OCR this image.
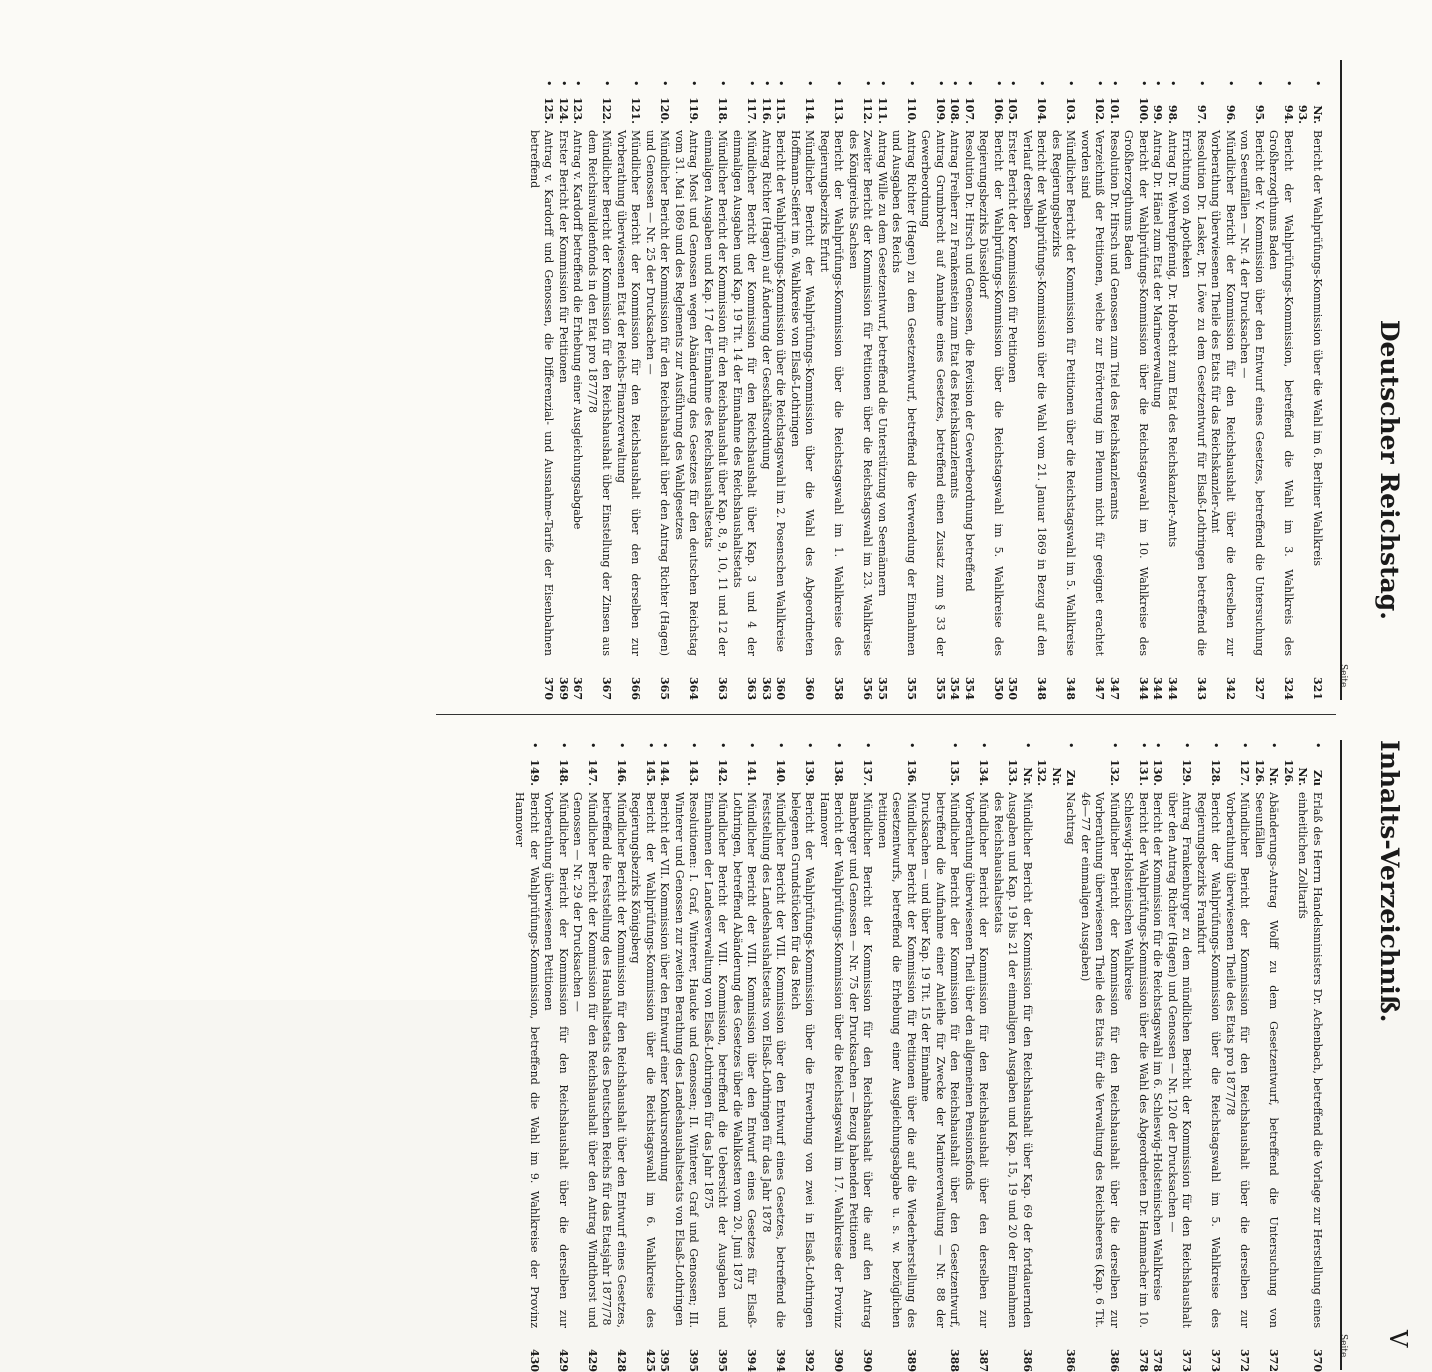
Deutscher Reichstag.
Inhalts-Verzeichniß.
V
Seite
Seite
•
Nr. 93.
Bericht der Wahlprüfungs-Kommission über die Wahl im 6. Berliner Wahlkreis
321
•
94.
Bericht der Wahlprüfungs-Kommission, betreffend die Wahl im 3. Wahlkreis des Großherzogthums Baden
324
•
95.
Bericht der V. Kommission über den Entwurf eines Gesetzes, betreffend die Untersuchung von Seeunfällen — Nr. 4 der Drucksachen —
327
•
96.
Mündlicher Bericht der Kommission für den Reichshaushalt über die derselben zur Vorberathung überwiesenen Theile des Etats für das Reichskanzler-Amt
342
•
97.
Resolution Dr. Lasker, Dr. Löwe zu dem Gesetzentwurf für Elsaß-Lothringen betreffend die Errichtung von Apotheken
343
•
98.
Antrag Dr. Wehrenpfennig, Dr. Hobrecht zum Etat des Reichskanzler-Amts
344
•
99.
Antrag Dr. Hänel zum Etat der Marineverwaltung
344
•
100.
Bericht der Wahlprüfungs-Kommission über die Reichstagswahl im 10. Wahlkreise des Großherzogthums Baden
344
•
101.
Resolution Dr. Hirsch und Genossen zum Titel des Reichskanzleramts
347
•
102.
Verzeichniß der Petitionen, welche zur Erörterung im Plenum nicht für geeignet erachtet worden sind
347
•
103.
Mündlicher Bericht der Kommission für Petitionen über die Reichstagswahl im 5. Wahlkreise des Regierungsbezirks
348
•
104.
Bericht der Wahlprüfungs-Kommission über die Wahl vom 21. Januar 1869 in Bezug auf den Verlauf derselben
348
•
105.
Erster Bericht der Kommission für Petitionen
350
•
106.
Bericht der Wahlprüfungs-Kommission über die Reichstagswahl im 5. Wahlkreise des Regierungsbezirks Düsseldorf
350
•
107.
Resolution Dr. Hirsch und Genossen, die Revision der Gewerbeordnung betreffend
354
•
108.
Antrag Freiherr zu Frankenstein zum Etat des Reichskanzleramts
354
•
109.
Antrag Grumbrecht auf Annahme eines Gesetzes, betreffend einen Zusatz zum § 33 der Gewerbeordnung
355
•
110.
Antrag Richter (Hagen) zu dem Gesetzentwurf, betreffend die Verwendung der Einnahmen und Ausgaben des Reichs
355
•
111.
Antrag Wille zu dem Gesetzentwurf, betreffend die Unterstützung von Seemännern
355
•
112.
Zweiter Bericht der Kommission für Petitionen über die Reichstagswahl im 23. Wahlkreise des Königreichs Sachsen
356
•
113.
Bericht der Wahlprüfungs-Kommission über die Reichstagswahl im 1. Wahlkreise des Regierungsbezirks Erfurt
358
•
114.
Mündlicher Bericht der Wahlprüfungs-Kommission über die Wahl des Abgeordneten Hoffmann-Seifert im 6. Wahlkreise von Elsaß-Lothringen
360
•
115.
Bericht der Wahlprüfungs-Kommission über die Reichstagswahl im 2. Posenschen Wahlkreise
360
•
116.
Antrag Richter (Hagen) auf Änderung der Geschäftsordnung
363
•
117.
Mündlicher Bericht der Kommission für den Reichshaushalt über Kap. 3 und 4 der einmaligen Ausgaben und Kap. 19 Tit. 14 der Einnahme des Reichshaushaltsetats
363
•
118.
Mündlicher Bericht der Kommission für den Reichshaushalt über Kap. 8, 9, 10, 11 und 12 der einmaligen Ausgaben und Kap. 17 der Einnahme des Reichshaushaltsetats
363
•
119.
Antrag Most und Genossen wegen Abänderung des Gesetzes für den deutschen Reichstag vom 31. Mai 1869 und des Reglements zur Ausführung des Wahlgesetzes
364
•
120.
Mündlicher Bericht der Kommission für den Reichshaushalt über den Antrag Richter (Hagen) und Genossen — Nr. 25 der Drucksachen —
365
•
121.
Mündlicher Bericht der Kommission für den Reichshaushalt über den derselben zur Vorberathung überwiesenen Etat der Reichs-Finanzverwaltung
366
•
122.
Mündlicher Bericht der Kommission für den Reichshaushalt über Einstellung der Zinsen aus dem Reichsinvalidenfonds in den Etat pro 1877/78
367
•
123.
Antrag v. Kardorff betreffend die Erhebung einer Ausgleichungsabgabe
367
•
124.
Erster Bericht der Kommission für Petitionen
369
•
125.
Antrag v. Kardorff und Genossen, die Differenzial- und Ausnahme-Tarife der Eisenbahnen betreffend
370
•
Zu Nr. 126.
Erlaß des Herrn Handelsministers Dr. Achenbach, betreffend die Vorlage zur Herstellung eines einheitlichen Zolltarifs
370
•
Nr. 126.
Abänderungs-Antrag Wolff zu dem Gesetzentwurf, betreffend die Untersuchung von Seeunfällen
372
•
127.
Mündlicher Bericht der Kommission für den Reichshaushalt über die derselben zur Vorberathung überwiesenen Theile des Etats pro 1877/78
372
•
128.
Bericht der Wahlprüfungs-Kommission über die Reichstagswahl im 5. Wahlkreise des Regierungsbezirks Frankfurt
373
•
129.
Antrag Frankenburger zu dem mündlichen Bericht der Kommission für den Reichshaushalt über den Antrag Richter (Hagen) und Genossen — Nr. 120 der Drucksachen —
373
•
130.
Bericht der Kommission für die Reichstagswahl im 6. Schleswig-Holsteinischen Wahlkreise
378
•
131.
Bericht der Wahlprüfungs-Kommission über die Wahl des Abgeordneten Dr. Hammacher im 10. Schleswig-Holsteinischen Wahlkreise
378
•
132.
Mündlicher Bericht der Kommission für den Reichshaushalt über die derselben zur Vorberathung überwiesenen Theile des Etats für die Verwaltung des Reichsheeres (Kap. 6 Tit. 46—77 der einmaligen Ausgaben)
386
•
Zu Nr. 132.
Nachtrag
386
•
Nr. 133.
Mündlicher Bericht der Kommission für den Reichshaushalt über Kap. 69 der fortdauernden Ausgaben und Kap. 19 bis 21 der einmaligen Ausgaben und Kap. 15, 19 und 20 der Einnahmen des Reichshaushaltsetats
386
•
134.
Mündlicher Bericht der Kommission für den Reichshaushalt über den derselben zur Vorberathung überwiesenen Theil über den allgemeinen Pensionsfonds
387
•
135.
Mündlicher Bericht der Kommission für den Reichshaushalt über den Gesetzentwurf, betreffend die Aufnahme einer Anleihe für Zwecke der Marineverwaltung — Nr. 88 der Drucksachen — und über Kap. 19 Tit. 15 der Einnahme
388
•
136.
Mündlicher Bericht der Kommission für Petitionen über die auf die Wiederherstellung des Gesetzentwurfs, betreffend die Erhebung einer Ausgleichungsabgabe u. s. w. bezüglichen Petitionen
389
•
137.
Mündlicher Bericht der Kommission für den Reichshaushalt über die auf den Antrag Bamberger und Genossen — Nr. 75 der Drucksachen — Bezug habenden Petitionen
390
•
138.
Bericht der Wahlprüfungs-Kommission über die Reichstagswahl im 17. Wahlkreise der Provinz Hannover
390
•
139.
Bericht der Wahlprüfungs-Kommission über die Erwerbung von zwei in Elsaß-Lothringen belegenen Grundstücken für das Reich
392
•
140.
Mündlicher Bericht der VIII. Kommission über den Entwurf eines Gesetzes, betreffend die Feststellung des Landeshaushaltsetats von Elsaß-Lothringen für das Jahr 1878
394
•
141.
Mündlicher Bericht der VIII. Kommission über den Entwurf eines Gesetzes für Elsaß-Lothringen, betreffend Abänderung des Gesetzes über die Wahlkosten vom 20. Juni 1873
394
•
142.
Mündlicher Bericht der VIII. Kommission, betreffend die Uebersicht der Ausgaben und Einnahmen der Landesverwaltung von Elsaß-Lothringen für das Jahr 1875
395
•
143.
Resolutionen: I. Graf, Winterer, Haucke und Genossen; II. Winterer, Graf und Genossen; III. Winterer und Genossen zur zweiten Berathung des Landeshaushaltsetats von Elsaß-Lothringen
395
•
144.
Bericht der VII. Kommission über den Entwurf einer Konkursordnung
395
•
145.
Bericht der Wahlprüfungs-Kommission über die Reichstagswahl im 6. Wahlkreise des Regierungsbezirks Königsberg
425
•
146.
Mündlicher Bericht der Kommission für den Reichshaushalt über den Entwurf eines Gesetzes, betreffend die Feststellung des Haushaltsetats des Deutschen Reichs für das Etatsjahr 1877/78
428
•
147.
Mündlicher Bericht der Kommission für den Reichshaushalt über den Antrag Windthorst und Genossen — Nr. 29 der Drucksachen —
429
•
148.
Mündlicher Bericht der Kommission für den Reichshaushalt über die derselben zur Vorberathung überwiesenen Petitionen
429
•
149.
Bericht der Wahlprüfungs-Kommission, betreffend die Wahl im 9. Wahlkreise der Provinz Hannover
430
